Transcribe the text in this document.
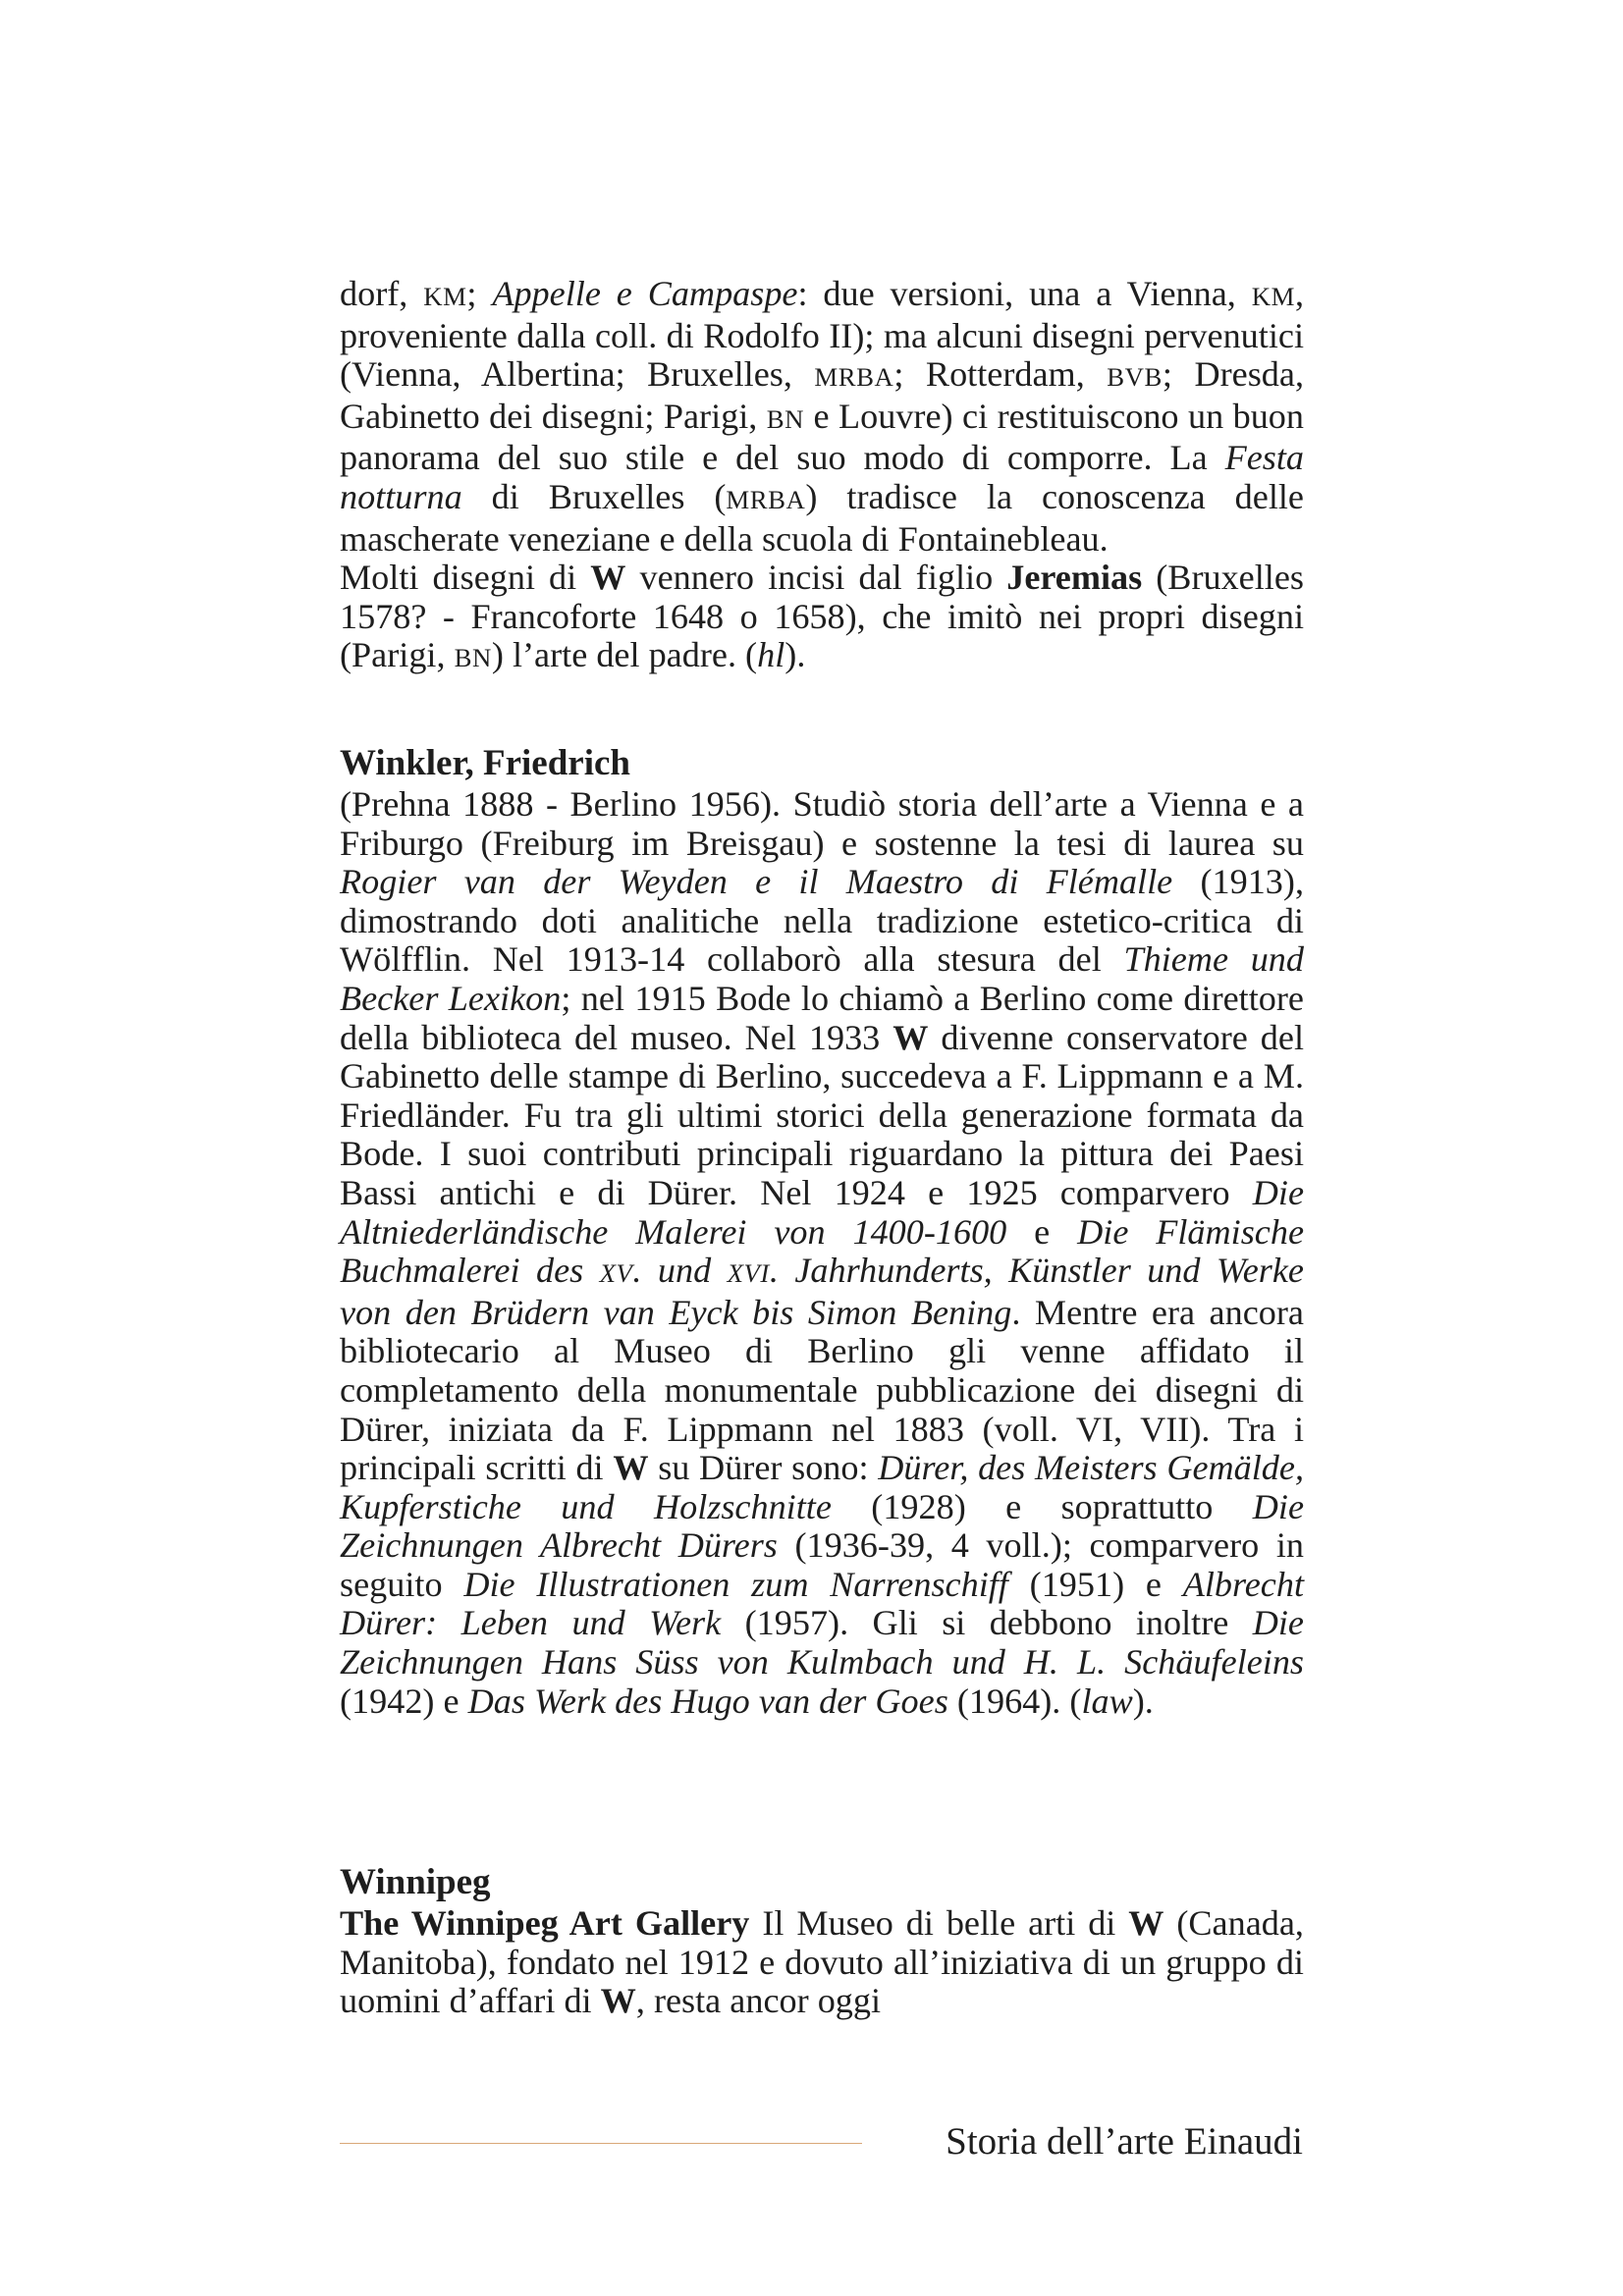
dorf, KM; Appelle e Campaspe: due versioni, una a Vienna, KM, proveniente dalla coll. di Rodolfo II); ma alcuni disegni pervenutici (Vienna, Albertina; Bruxelles, MRBA; Rotterdam, BVB; Dresda, Gabinetto dei disegni; Parigi, BN e Louvre) ci restituiscono un buon panorama del suo stile e del suo modo di comporre. La Festa notturna di Bruxelles (MRBA) tradisce la conoscenza delle mascherate veneziane e della scuola di Fontainebleau.

Molti disegni di W vennero incisi dal figlio Jeremias (Bruxelles 1578? - Francoforte 1648 o 1658), che imitò nei propri disegni (Parigi, BN) l’arte del padre. (hl).

Winkler, Friedrich

(Prehna 1888 - Berlino 1956). Studiò storia dell’arte a Vienna e a Friburgo (Freiburg im Breisgau) e sostenne la tesi di laurea su Rogier van der Weyden e il Maestro di Flémalle (1913), dimostrando doti analitiche nella tradizione estetico-critica di Wölfflin. Nel 1913-14 collaborò alla stesura del Thieme und Becker Lexikon; nel 1915 Bode lo chiamò a Berlino come direttore della biblioteca del museo. Nel 1933 W divenne conservatore del Gabinetto delle stampe di Berlino, succedeva a F. Lippmann e a M. Friedländer. Fu tra gli ultimi storici della generazione formata da Bode. I suoi contributi principali riguardano la pittura dei Paesi Bassi antichi e di Dürer. Nel 1924 e 1925 comparvero Die Altniederländische Malerei von 1400-1600 e Die Flämische Buchmalerei des XV. und XVI. Jahrhunderts, Künstler und Werke von den Brüdern van Eyck bis Simon Bening. Mentre era ancora bibliotecario al Museo di Berlino gli venne affidato il completamento della monumentale pubblicazione dei disegni di Dürer, iniziata da F. Lippmann nel 1883 (voll. VI, VII). Tra i principali scritti di W su Dürer sono: Dürer, des Meisters Gemälde, Kupferstiche und Holzschnitte (1928) e soprattutto Die Zeichnungen Albrecht Dürers (1936-39, 4 voll.); comparvero in seguito Die Illustrationen zum Narrenschiff (1951) e Albrecht Dürer: Leben und Werk (1957). Gli si debbono inoltre Die Zeichnungen Hans Süss von Kulmbach und H. L. Schäufeleins (1942) e Das Werk des Hugo van der Goes (1964). (law).

Winnipeg

The Winnipeg Art Gallery Il Museo di belle arti di W (Canada, Manitoba), fondato nel 1912 e dovuto all’iniziativa di un gruppo di uomini d’affari di W, resta ancor oggi

Storia dell’arte Einaudi
